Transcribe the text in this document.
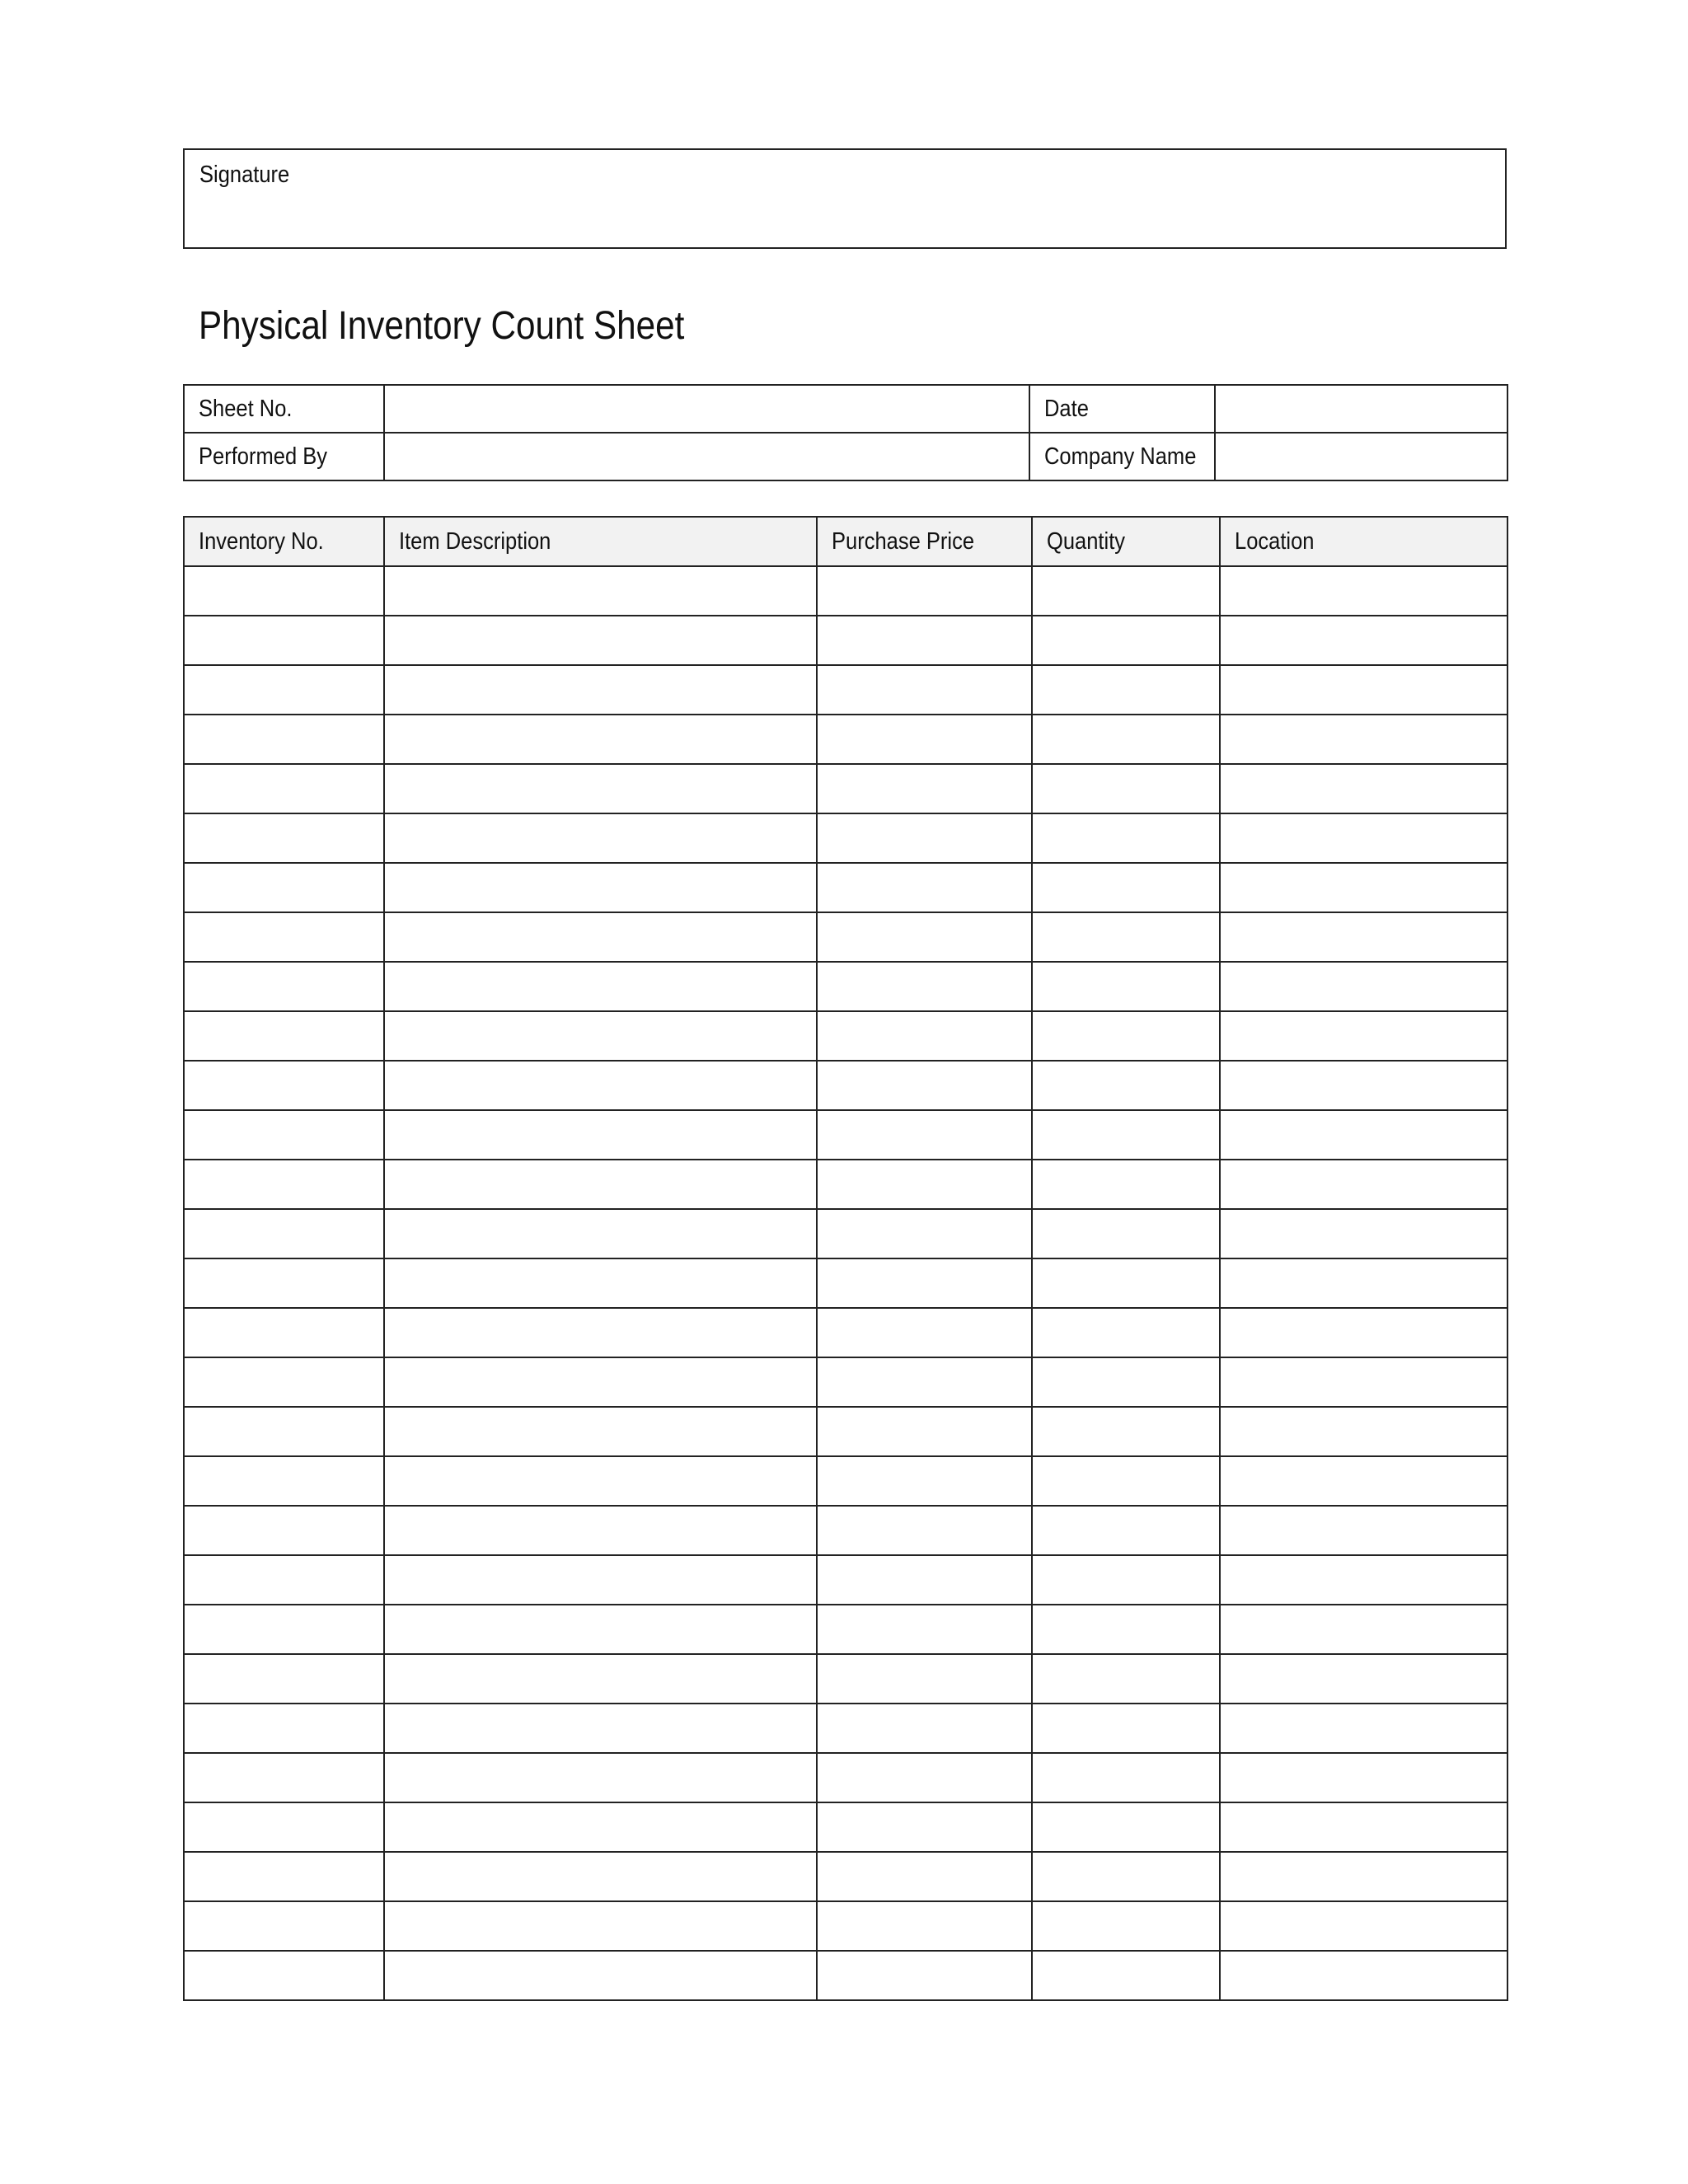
Signature
Physical Inventory Count Sheet
Sheet No.		Date	
Performed By		Company Name	
Inventory No.	Item Description	Purchase Price	Quantity	Location
